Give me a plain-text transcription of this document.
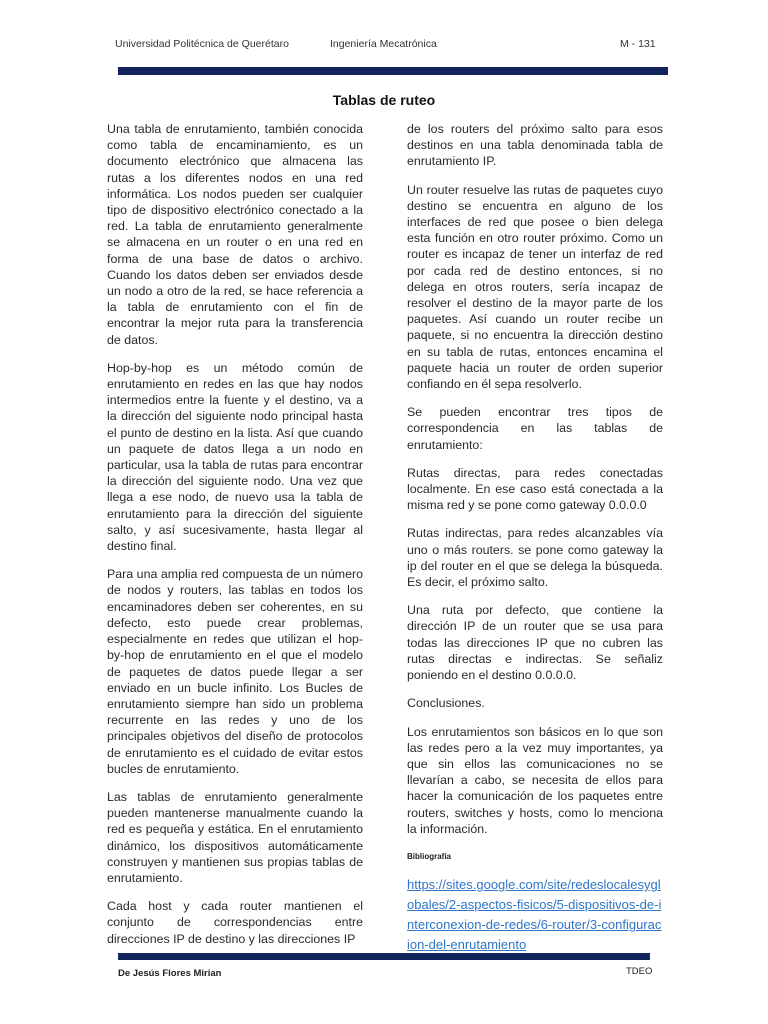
Universidad Politécnica de Querétaro	Ingeniería Mecatrónica	M - 131
Tablas de ruteo

Una tabla de enrutamiento, también conocida como tabla de encaminamiento, es un documento electrónico que almacena las rutas a los diferentes nodos en una red informática. Los nodos pueden ser cualquier tipo de dispositivo electrónico conectado a la red. La tabla de enrutamiento generalmente se almacena en un router o en una red en forma de una base de datos o archivo. Cuando los datos deben ser enviados desde un nodo a otro de la red, se hace referencia a la tabla de enrutamiento con el fin de encontrar la mejor ruta para la transferencia de datos.

Hop-by-hop es un método común de enrutamiento en redes en las que hay nodos intermedios entre la fuente y el destino, va a la dirección del siguiente nodo principal hasta el punto de destino en la lista. Así que cuando un paquete de datos llega a un nodo en particular, usa la tabla de rutas para encontrar la dirección del siguiente nodo. Una vez que llega a ese nodo, de nuevo usa la tabla de enrutamiento para la dirección del siguiente salto, y así sucesivamente, hasta llegar al destino final.

Para una amplia red compuesta de un número de nodos y routers, las tablas en todos los encaminadores deben ser coherentes, en su defecto, esto puede crear problemas, especialmente en redes que utilizan el hop-by-hop de enrutamiento en el que el modelo de paquetes de datos puede llegar a ser enviado en un bucle infinito. Los Bucles de enrutamiento siempre han sido un problema recurrente en las redes y uno de los principales objetivos del diseño de protocolos de enrutamiento es el cuidado de evitar estos bucles de enrutamiento.

Las tablas de enrutamiento generalmente pueden mantenerse manualmente cuando la red es pequeña y estática. En el enrutamiento dinámico, los dispositivos automáticamente construyen y mantienen sus propias tablas de enrutamiento.

Cada host y cada router mantienen el conjunto de correspondencias entre direcciones IP de destino y las direcciones IP

de los routers del próximo salto para esos destinos en una tabla denominada tabla de enrutamiento IP.

Un router resuelve las rutas de paquetes cuyo destino se encuentra en alguno de los interfaces de red que posee o bien delega esta función en otro router próximo. Como un router es incapaz de tener un interfaz de red por cada red de destino entonces, si no delega en otros routers, sería incapaz de resolver el destino de la mayor parte de los paquetes. Así cuando un router recibe un paquete, si no encuentra la dirección destino en su tabla de rutas, entonces encamina el paquete hacia un router de orden superior confiando en él sepa resolverlo.

Se pueden encontrar tres tipos de correspondencia en las tablas de enrutamiento:

Rutas directas, para redes conectadas localmente. En ese caso está conectada a la misma red y se pone como gateway 0.0.0.0

Rutas indirectas, para redes alcanzables vía uno o más routers. se pone como gateway la ip del router en el que se delega la búsqueda. Es decir, el próximo salto.

Una ruta por defecto, que contiene la dirección IP de un router que se usa para todas las direcciones IP que no cubren las rutas directas e indirectas. Se señaliz poniendo en el destino 0.0.0.0.

Conclusiones.

Los enrutamientos son básicos en lo que son las redes pero a la vez muy importantes, ya que sin ellos las comunicaciones no se llevarían a cabo, se necesita de ellos para hacer la comunicación de los paquetes entre routers, switches y hosts, como lo menciona la información.

Bibliografía
https://sites.google.com/site/redeslocalesyglobales/2-aspectos-fisicos/5-dispositivos-de-interconexion-de-redes/6-router/3-configuracion-del-enrutamiento
De Jesús Flores Mirian	TDEO
